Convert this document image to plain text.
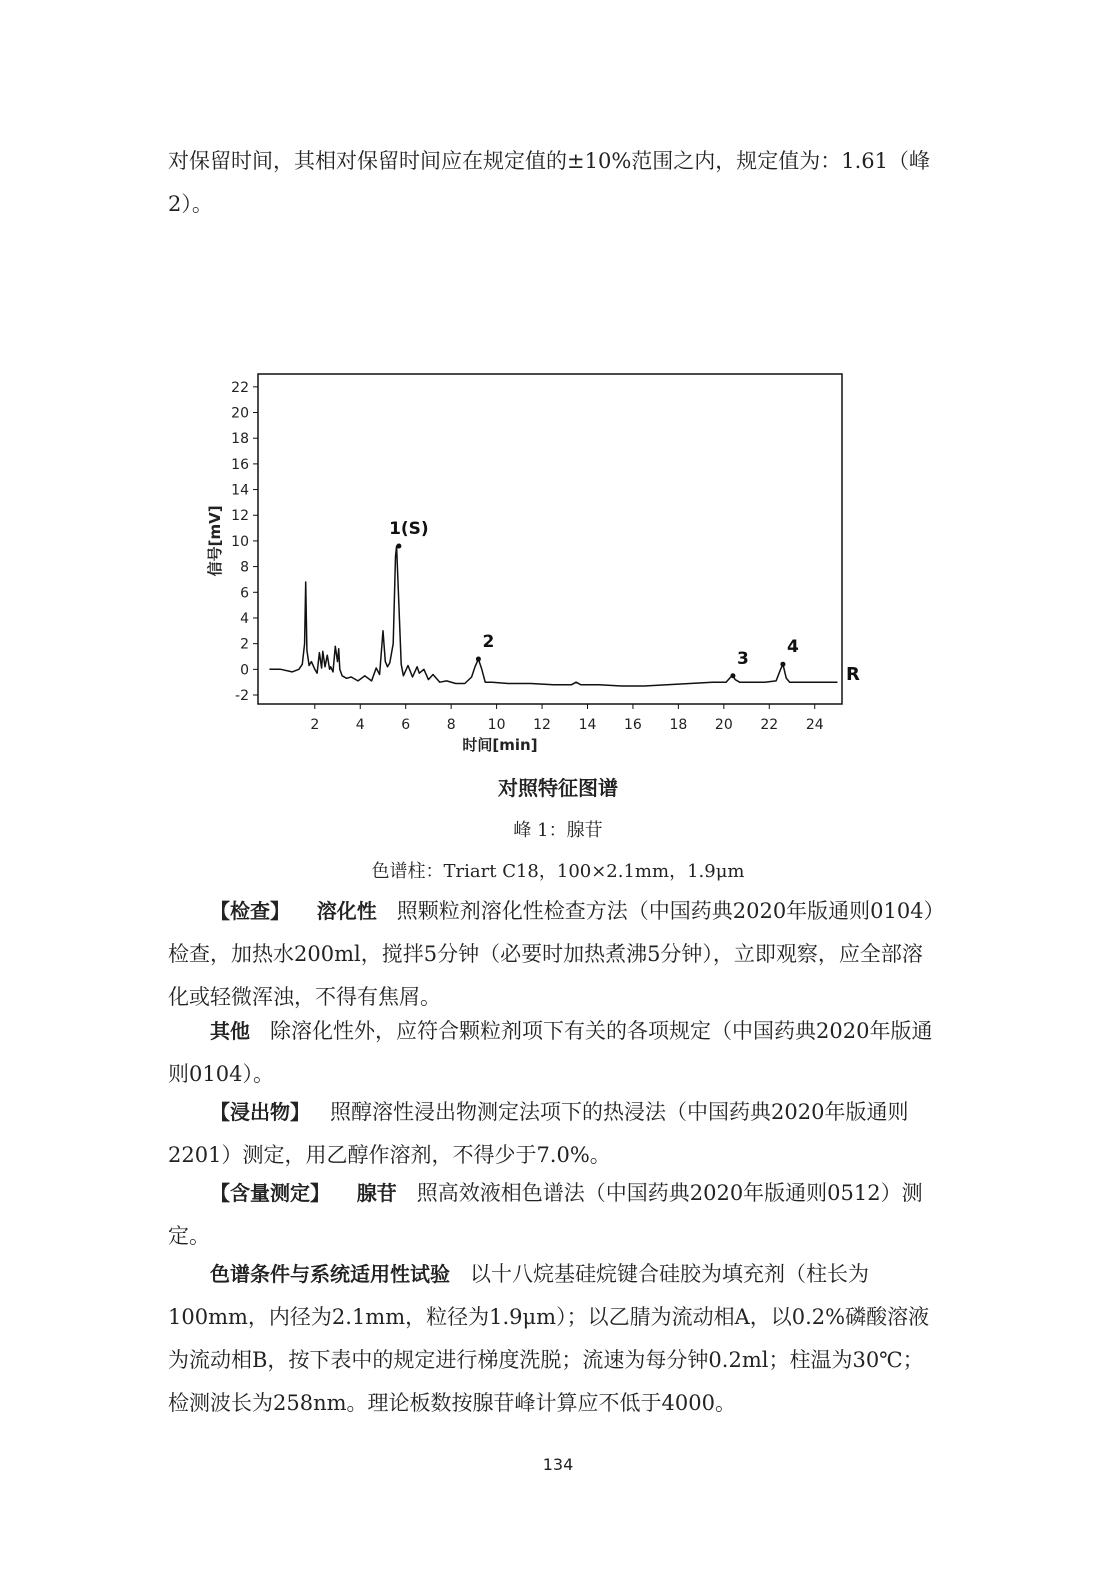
对保留时间，其相对保留时间应在规定值的±10%范围之内，规定值为：1.61（峰2）。

-2
0
2
4
6
8
10
12
14
16
18
20
22
2	4	6	8 10 12 14 16 18 20 22 24
时间[min]
信号[mV]	1(S)
2
3
4
R

对照特征图谱

峰 1：腺苷

色谱柱：Triart C18，100×2.1mm，1.9μm

【检查】 溶化性 照颗粒剂溶化性检查方法（中国药典2020年版通则0104）检查，加热水200ml，搅拌5分钟（必要时加热煮沸5分钟），立即观察，应全部溶化或轻微浑浊，不得有焦屑。

其他 除溶化性外，应符合颗粒剂项下有关的各项规定（中国药典2020年版通则0104）。

【浸出物】 照醇溶性浸出物测定法项下的热浸法（中国药典2020年版通则2201）测定，用乙醇作溶剂，不得少于7.0%。

【含量测定】 腺苷 照高效液相色谱法（中国药典2020年版通则0512）测定。

色谱条件与系统适用性试验 以十八烷基硅烷键合硅胶为填充剂（柱长为100mm，内径为2.1mm，粒径为1.9μm）；以乙腈为流动相A，以0.2%磷酸溶液为流动相B，按下表中的规定进行梯度洗脱；流速为每分钟0.2ml；柱温为30℃；检测波长为258nm。理论板数按腺苷峰计算应不低于4000。

134
